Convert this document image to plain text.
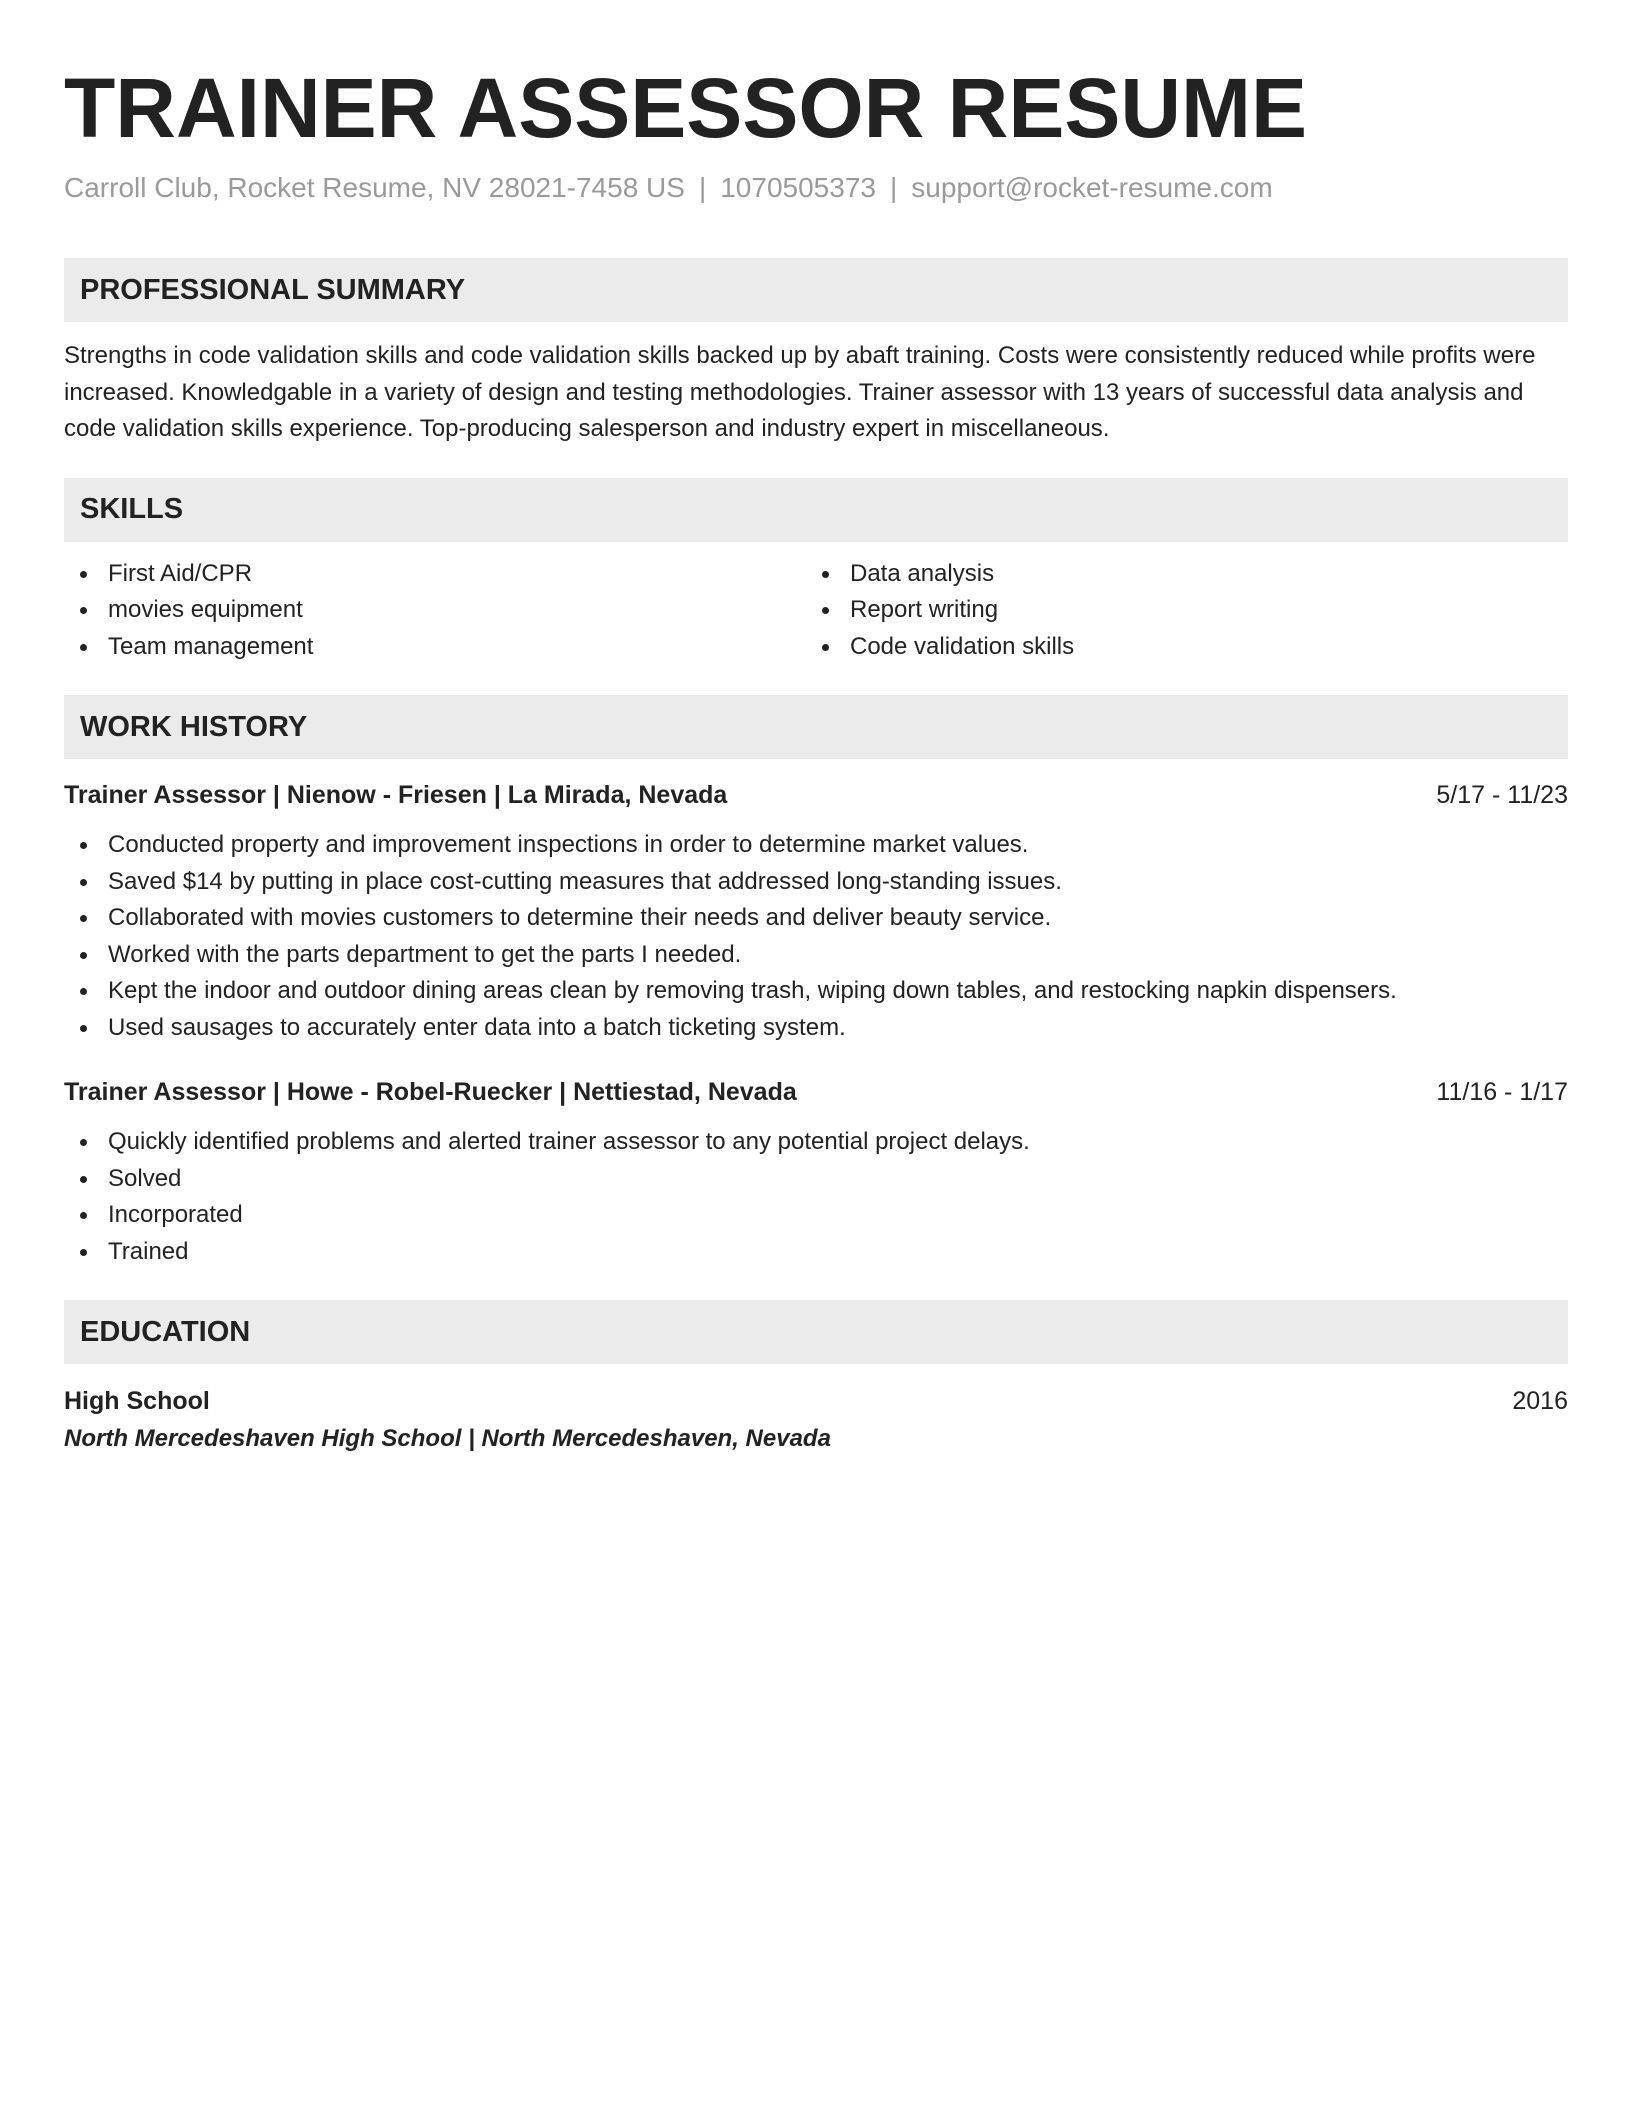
TRAINER ASSESSOR RESUME
Carroll Club, Rocket Resume, NV 28021-7458 US | 1070505373 | support@rocket-resume.com
PROFESSIONAL SUMMARY
Strengths in code validation skills and code validation skills backed up by abaft training. Costs were consistently reduced while profits were increased. Knowledgable in a variety of design and testing methodologies. Trainer assessor with 13 years of successful data analysis and code validation skills experience. Top-producing salesperson and industry expert in miscellaneous.
SKILLS
First Aid/CPR
movies equipment
Team management
Data analysis
Report writing
Code validation skills
WORK HISTORY
Trainer Assessor | Nienow - Friesen | La Mirada, Nevada	5/17 - 11/23
Conducted property and improvement inspections in order to determine market values.
Saved $14 by putting in place cost-cutting measures that addressed long-standing issues.
Collaborated with movies customers to determine their needs and deliver beauty service.
Worked with the parts department to get the parts I needed.
Kept the indoor and outdoor dining areas clean by removing trash, wiping down tables, and restocking napkin dispensers.
Used sausages to accurately enter data into a batch ticketing system.
Trainer Assessor | Howe - Robel-Ruecker | Nettiestad, Nevada	11/16 - 1/17
Quickly identified problems and alerted trainer assessor to any potential project delays.
Solved
Incorporated
Trained
EDUCATION
High School	2016
North Mercedeshaven High School | North Mercedeshaven, Nevada
